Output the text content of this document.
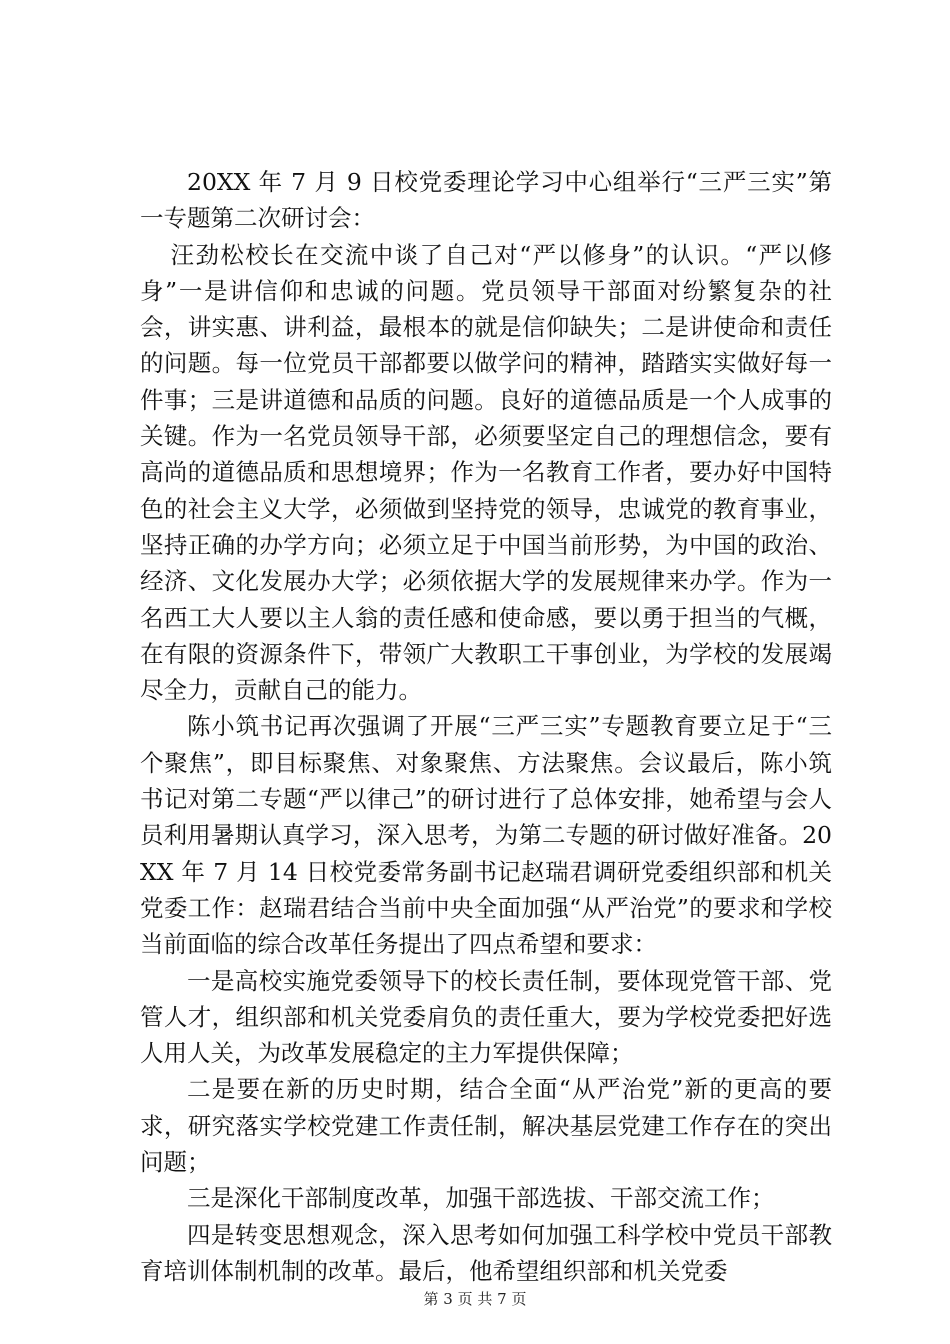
20XX 年 7 月 9 日校党委理论学习中心组举行“三严三实”第一专题第二次研讨会：

汪劲松校长在交流中谈了自己对“严以修身”的认识。“严以修身”一是讲信仰和忠诚的问题。党员领导干部面对纷繁复杂的社会，讲实惠、讲利益，最根本的就是信仰缺失；二是讲使命和责任的问题。每一位党员干部都要以做学问的精神，踏踏实实做好每一件事；三是讲道德和品质的问题。良好的道德品质是一个人成事的关键。作为一名党员领导干部，必须要坚定自己的理想信念，要有高尚的道德品质和思想境界；作为一名教育工作者，要办好中国特色的社会主义大学，必须做到坚持党的领导，忠诚党的教育事业，坚持正确的办学方向；必须立足于中国当前形势，为中国的政治、经济、文化发展办大学；必须依据大学的发展规律来办学。作为一名西工大人要以主人翁的责任感和使命感，要以勇于担当的气概，在有限的资源条件下，带领广大教职工干事创业，为学校的发展竭尽全力，贡献自己的能力。

陈小筑书记再次强调了开展“三严三实”专题教育要立足于“三个聚焦”，即目标聚焦、对象聚焦、方法聚焦。会议最后，陈小筑书记对第二专题“严以律己”的研讨进行了总体安排，她希望与会人员利用暑期认真学习，深入思考，为第二专题的研讨做好准备。20XX 年 7 月 14 日校党委常务副书记赵瑞君调研党委组织部和机关党委工作：赵瑞君结合当前中央全面加强“从严治党”的要求和学校当前面临的综合改革任务提出了四点希望和要求：

一是高校实施党委领导下的校长责任制，要体现党管干部、党管人才，组织部和机关党委肩负的责任重大，要为学校党委把好选人用人关，为改革发展稳定的主力军提供保障；

二是要在新的历史时期，结合全面“从严治党”新的更高的要求，研究落实学校党建工作责任制，解决基层党建工作存在的突出问题；

三是深化干部制度改革，加强干部选拔、干部交流工作；

四是转变思想观念，深入思考如何加强工科学校中党员干部教育培训体制机制的改革。最后，他希望组织部和机关党委

第 3 页 共 7 页
